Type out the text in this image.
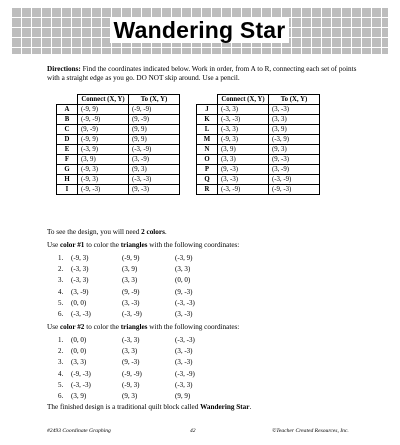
Wandering Star
Directions: Find the coordinates indicated below. Work in order, from A to R, connecting each set of points with a straight edge as you go. DO NOT skip around. Use a pencil.
	Connect (X, Y)	To (X, Y)
A	(-9, 9)	(-9, -9)
B	(-9, -9)	(9, -9)
C	(9, -9)	(9, 9)
D	(-9, 9)	(9, 9)
E	(-3, 9)	(-3, -9)
F	(3, 9)	(3, -9)
G	(-9, 3)	(9, 3)
H	(-9, 3)	(-3, -3)
I	(-9, -3)	(9, -3)
	Connect (X, Y)	To (X, Y)
J	(-3, 3)	(3, -3)
K	(-3, -3)	(3, 3)
L	(-3, 3)	(3, 9)
M	(-9, 3)	(-3, 9)
N	(3, 9)	(9, 3)
O	(3, 3)	(9, -3)
P	(9, -3)	(3, -9)
Q	(3, -3)	(-3, -9)
R	(-3, -9)	(-9, -3)
To see the design, you will need 2 colors.
Use color #1 to color the triangles with the following coordinates:
1. (-9, 3)	(-9, 9)	(-3, 9)
2. (-3, 3)	(3, 9)	(3, 3)
3. (-3, 3)	(3, 3)	(0, 0)
4. (3, -9)	(9, -9)	(9, -3)
5. (0, 0)	(3, -3)	(-3, -3)
6. (-3, -3)	(-3, -9)	(3, -3)
Use color #2 to color the triangles with the following coordinates:
1. (0, 0)	(-3, 3)	(-3, -3)
2. (0, 0)	(3, 3)	(3, -3)
3. (3, 3)	(9, -3)	(3, -3)
4. (-9, -3)	(-9, -9)	(-3, -9)
5. (-3, -3)	(-9, 3)	(-3, 3)
6. (3, 9)	(9, 3)	(9, 9)
The finished design is a traditional quilt block called Wandering Star.
#2493 Coordinate Graphing	42	©Teacher Created Resources, Inc.
